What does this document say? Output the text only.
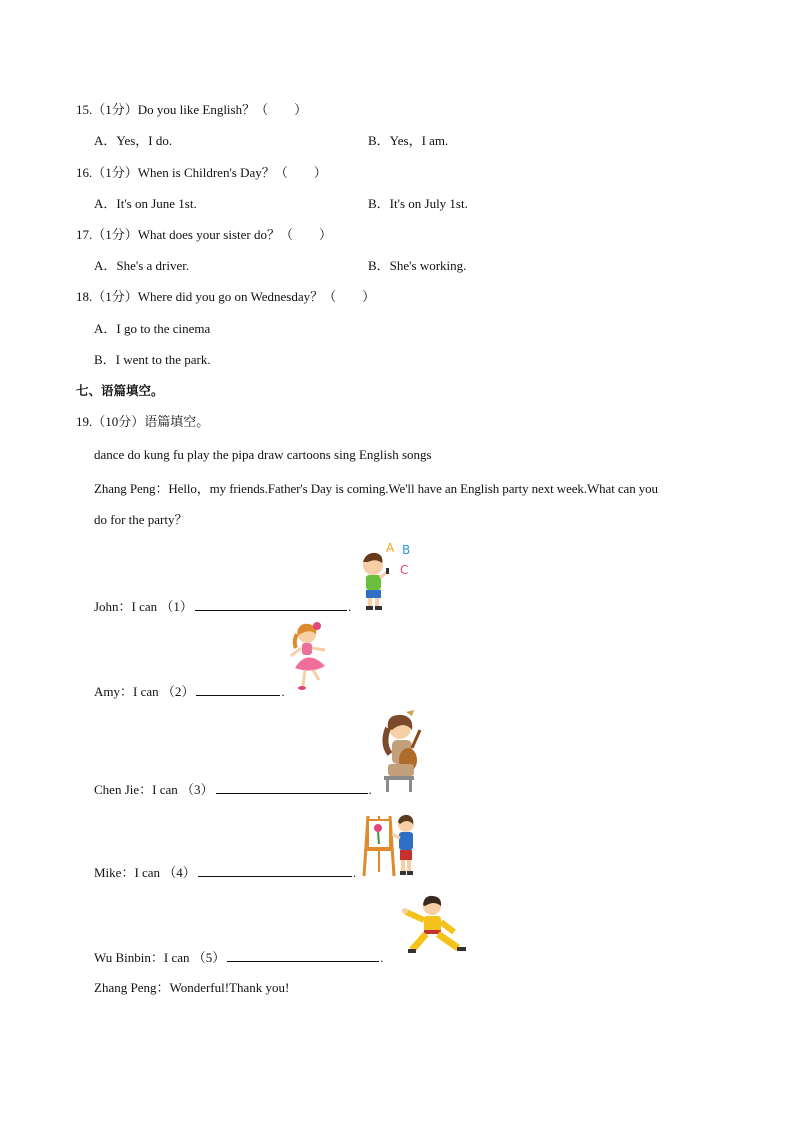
15.（1分）Do you like English？（　　）
A．Yes，I do.	B．Yes，I am.
16.（1分）When is Children's Day？（　　）
A．It's on June 1st.	B．It's on July 1st.
17.（1分）What does your sister do？（　　）
A．She's a driver.	B．She's working.
18.（1分）Where did you go on Wednesday？（　　）
A．I go to the cinema
B．I went to the park.
七、语篇填空。
19.（10分）语篇填空。
dance do kung fu play the pipa draw cartoons sing English songs
Zhang Peng：Hello，my friends.Father's Day is coming.We'll have an English party next week.What can you
do for the party？
John：I can （1）	.
Amy：I can （2）	.
Chen Jie：I can （3）	.
Mike：I can （4）	.
Wu Binbin：I can （5）	.
Zhang Peng：Wonderful!Thank you!
A B
C
